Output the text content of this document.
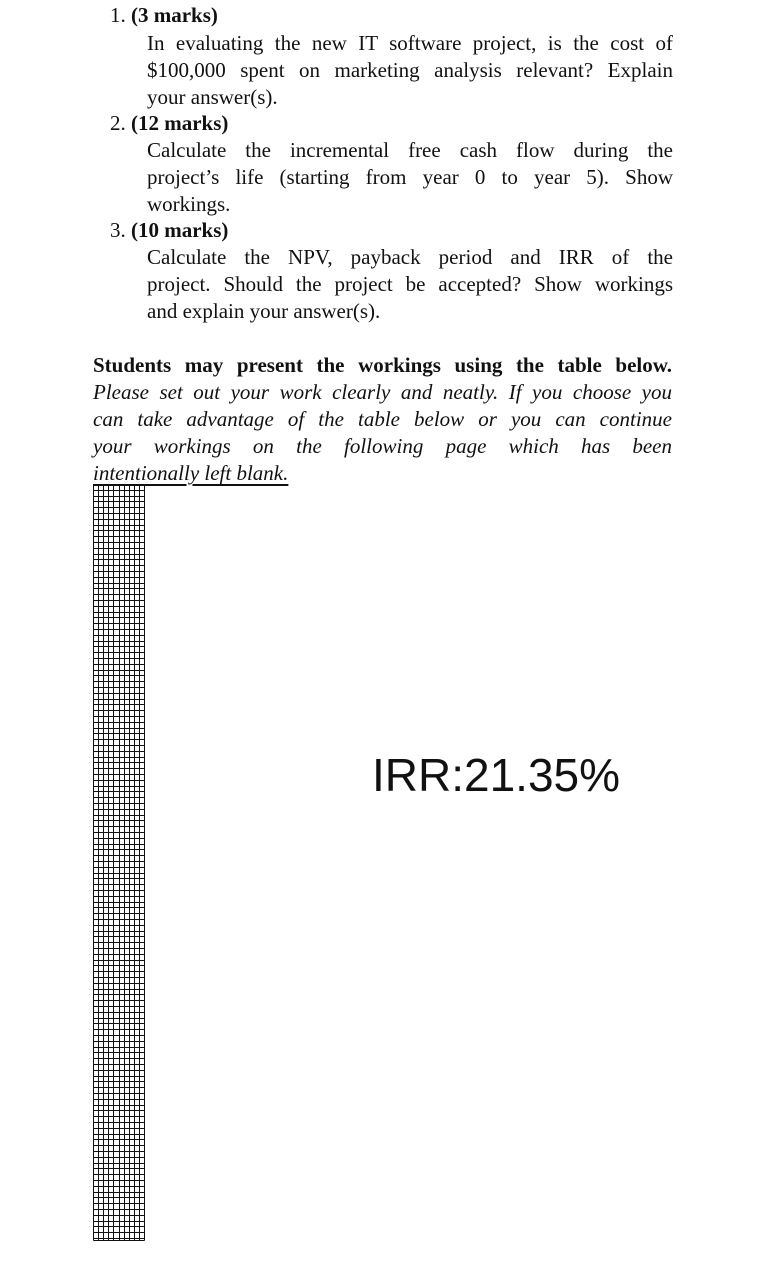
1. (3 marks)
In evaluating the new IT software project, is the cost of
$100,000 spent on marketing analysis relevant? Explain
your answer(s).
2. (12 marks)
Calculate the incremental free cash flow during the
project’s life (starting from year 0 to year 5). Show
workings.
3. (10 marks)
Calculate the NPV, payback period and IRR of the
project. Should the project be accepted? Show workings
and explain your answer(s).
Students may present the workings using the table below.
Please set out your work clearly and neatly. If you choose you
can take advantage of the table below or you can continue
your workings on the following page which has been
intentionally left blank.
IRR:21.35%
